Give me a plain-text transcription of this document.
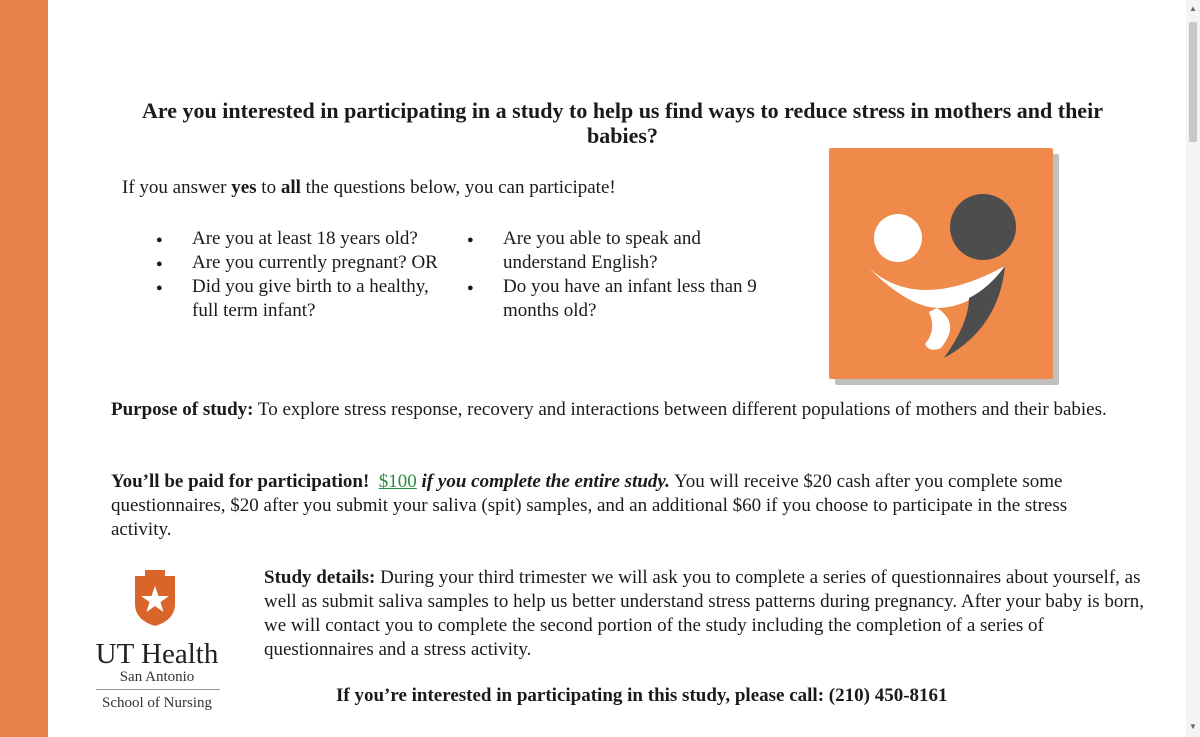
▲
▼
Are you interested in participating in a study to help us find ways to reduce stress in mothers and their babies?
If you answer yes to all the questions below, you can participate!
● Are you at least 18 years old?
● Are you currently pregnant? OR
● Did you give birth to a healthy, full term infant?
● Are you able to speak and understand English?
● Do you have an infant less than 9 months old?

Purpose of study: To explore stress response, recovery and interactions between different populations of mothers and their babies.

You’ll be paid for participation! $100 if you complete the entire study. You will receive $20 cash after you complete some questionnaires, $20 after you submit your saliva (spit) samples, and an additional $60 if you choose to participate in the stress activity.

UT Health
San Antonio
School of Nursing

Study details: During your third trimester we will ask you to complete a series of questionnaires about yourself, as well as submit saliva samples to help us better understand stress patterns during pregnancy. After your baby is born, we will contact you to complete the second portion of the study including the completion of a series of questionnaires and a stress activity.

If you’re interested in participating in this study, please call: (210) 450-8161
